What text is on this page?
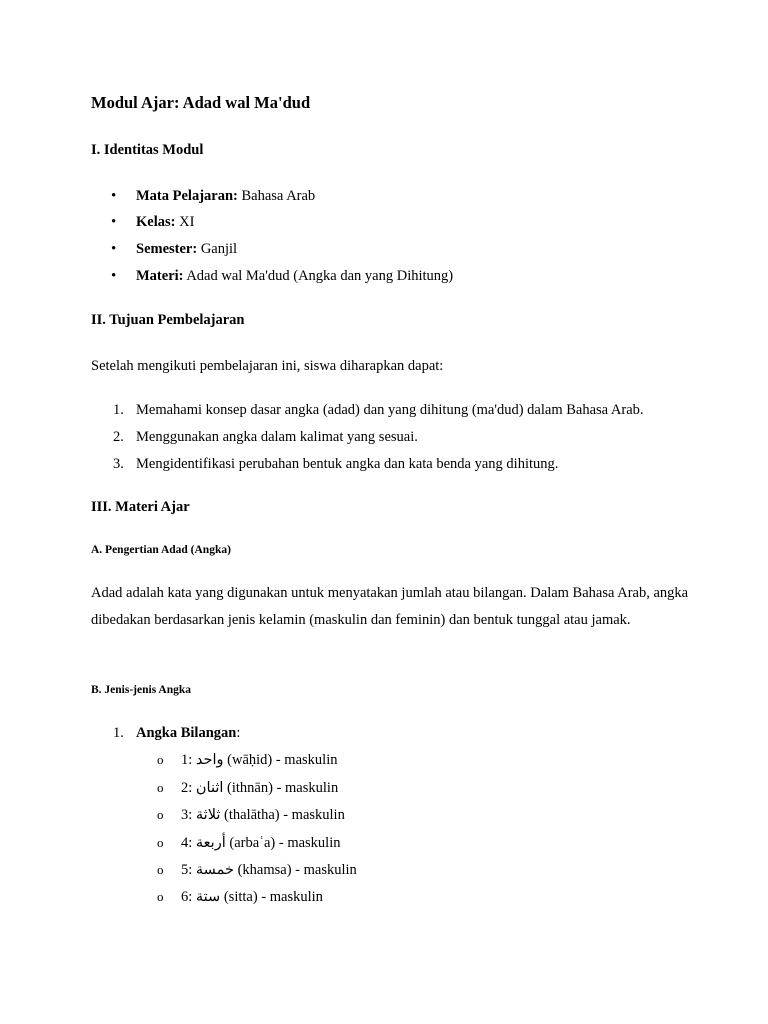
Modul Ajar: Adad wal Ma'dud
I. Identitas Modul
• Mata Pelajaran: Bahasa Arab
• Kelas: XI
• Semester: Ganjil
• Materi: Adad wal Ma'dud (Angka dan yang Dihitung)
II. Tujuan Pembelajaran
Setelah mengikuti pembelajaran ini, siswa diharapkan dapat:
1. Memahami konsep dasar angka (adad) dan yang dihitung (ma'dud) dalam Bahasa Arab.
2. Menggunakan angka dalam kalimat yang sesuai.
3. Mengidentifikasi perubahan bentuk angka dan kata benda yang dihitung.
III. Materi Ajar
A. Pengertian Adad (Angka)

Adad adalah kata yang digunakan untuk menyatakan jumlah atau bilangan. Dalam Bahasa Arab, angka dibedakan berdasarkan jenis kelamin (maskulin dan feminin) dan bentuk tunggal atau jamak.

B. Jenis-jenis Angka
1. Angka Bilangan:
o 1: واحد (wāḥid) - maskulin
o 2: اثنان (ithnān) - maskulin
o 3: ثلاثة (thalātha) - maskulin
o 4: أربعة (arbaʿa) - maskulin
o 5: خمسة (khamsa) - maskulin
o 6: ستة (sitta) - maskulin
